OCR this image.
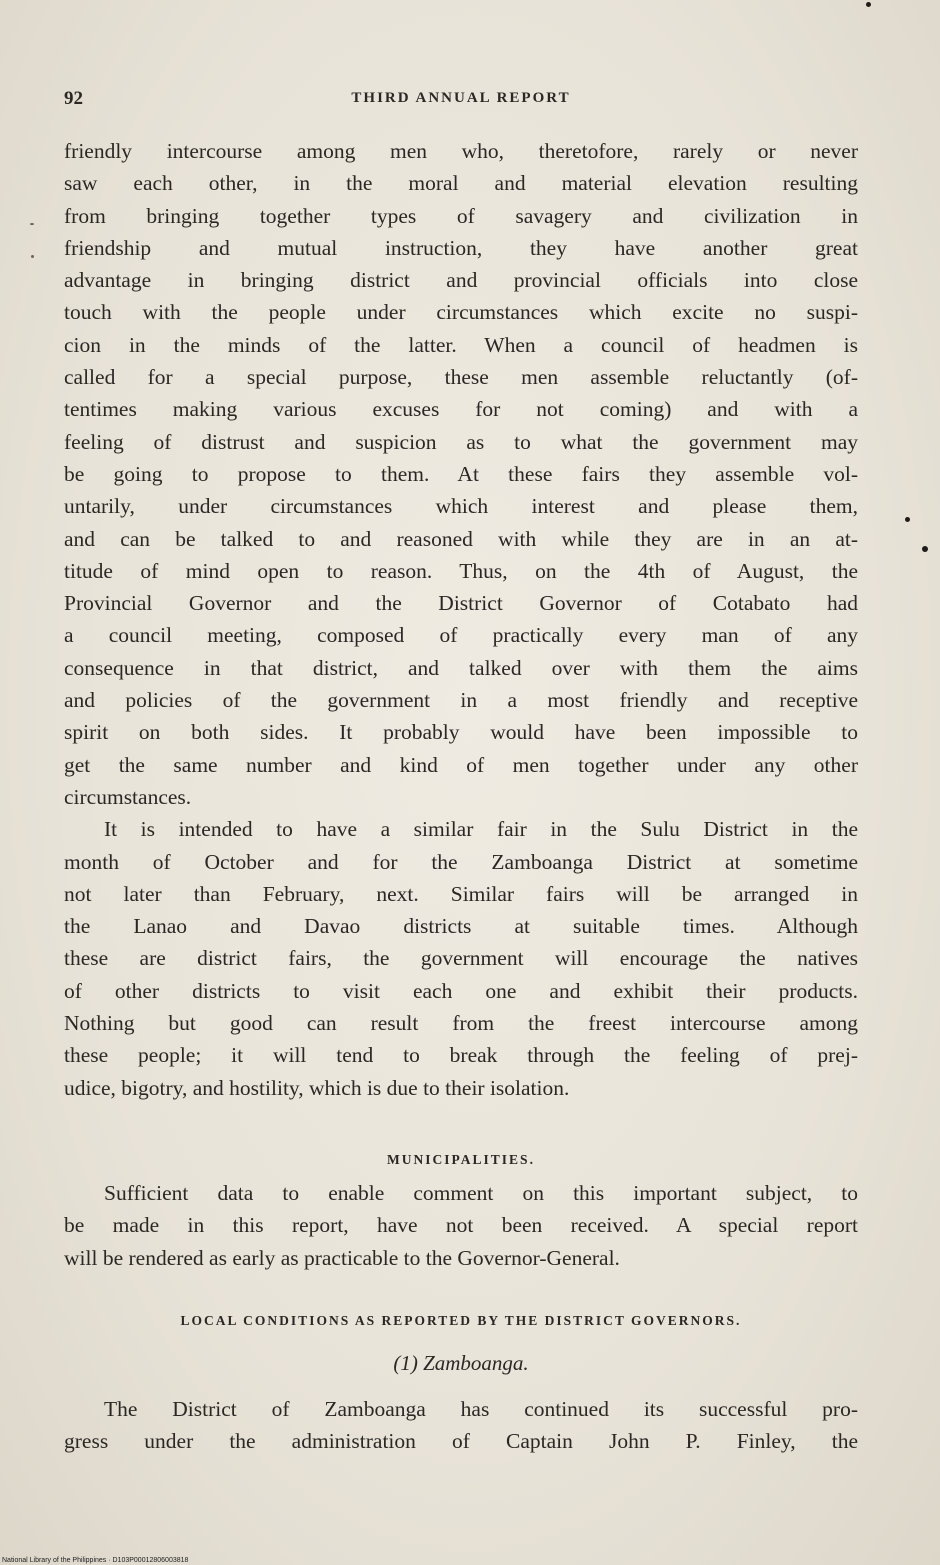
92	THIRD ANNUAL REPORT
friendly intercourse among men who, theretofore, rarely or never
saw each other, in the moral and material elevation resulting
from bringing together types of savagery and civilization in
friendship and mutual instruction, they have another great
advantage in bringing district and provincial officials into close
touch with the people under circumstances which excite no suspi-
cion in the minds of the latter. When a council of headmen is
called for a special purpose, these men assemble reluctantly (of-
tentimes making various excuses for not coming) and with a
feeling of distrust and suspicion as to what the government may
be going to propose to them. At these fairs they assemble vol-
untarily, under circumstances which interest and please them,
and can be talked to and reasoned with while they are in an at-
titude of mind open to reason. Thus, on the 4th of August, the
Provincial Governor and the District Governor of Cotabato had
a council meeting, composed of practically every man of any
consequence in that district, and talked over with them the aims
and policies of the government in a most friendly and receptive
spirit on both sides. It probably would have been impossible to
get the same number and kind of men together under any other
circumstances.
It is intended to have a similar fair in the Sulu District in the
month of October and for the Zamboanga District at sometime
not later than February, next. Similar fairs will be arranged in
the Lanao and Davao districts at suitable times. Although
these are district fairs, the government will encourage the natives
of other districts to visit each one and exhibit their products.
Nothing but good can result from the freest intercourse among
these people; it will tend to break through the feeling of prej-
udice, bigotry, and hostility, which is due to their isolation.
MUNICIPALITIES.
Sufficient data to enable comment on this important subject, to
be made in this report, have not been received. A special report
will be rendered as early as practicable to the Governor-General.
LOCAL CONDITIONS AS REPORTED BY THE DISTRICT GOVERNORS.
(1) Zamboanga.
The District of Zamboanga has continued its successful pro-
gress under the administration of Captain John P. Finley, the
National Library of the Philippines · D103P00012806003818
